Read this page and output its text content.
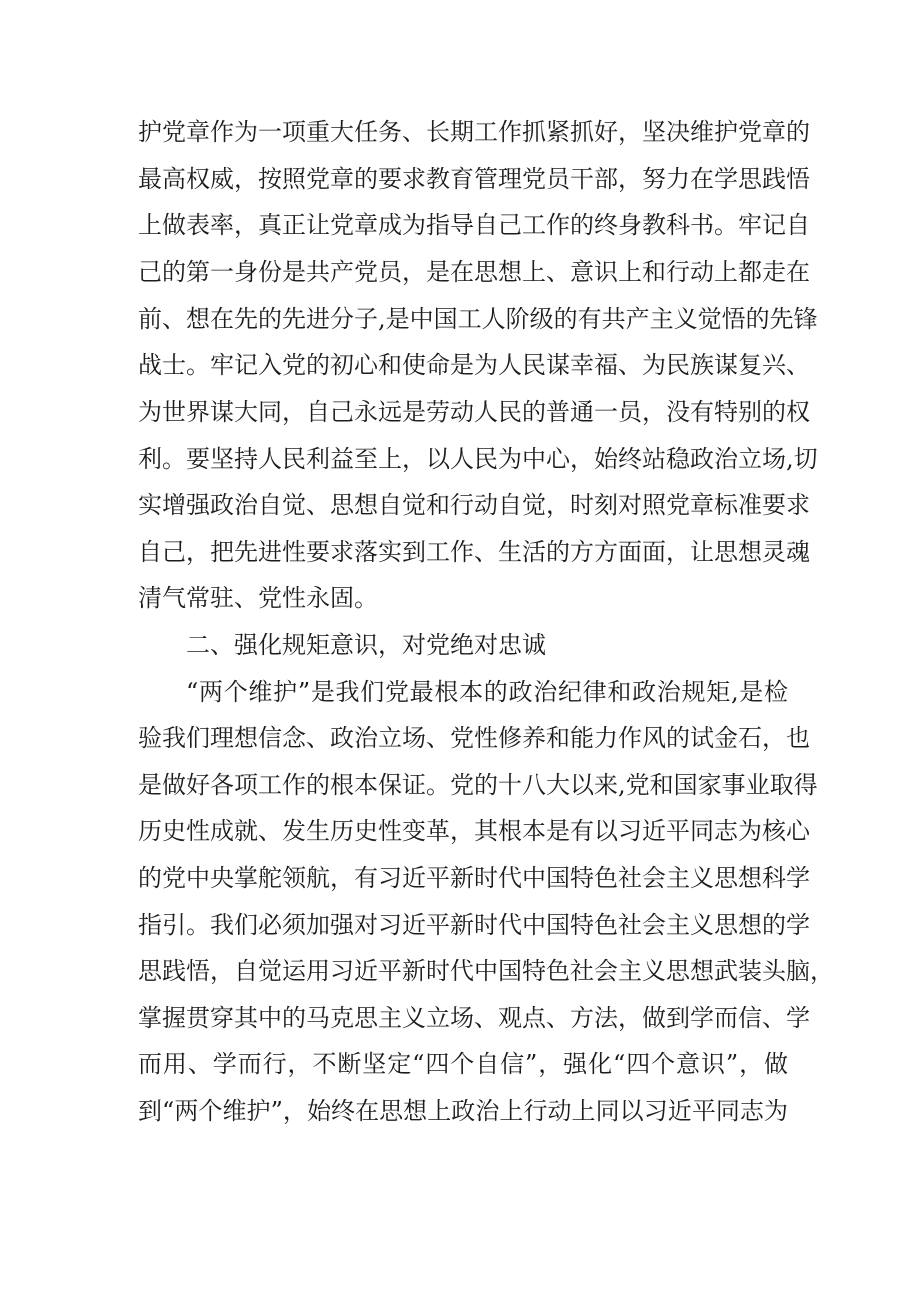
护党章作为一项重大任务、长期工作抓紧抓好，坚决维护党章的

最高权威，按照党章的要求教育管理党员干部，努力在学思践悟

上做表率，真正让党章成为指导自己工作的终身教科书。牢记自

己的第一身份是共产党员，是在思想上、意识上和行动上都走在

前、想在先的先进分子,是中国工人阶级的有共产主义觉悟的先锋

战士。牢记入党的初心和使命是为人民谋幸福、为民族谋复兴、

为世界谋大同，自己永远是劳动人民的普通一员，没有特别的权

利。要坚持人民利益至上，以人民为中心，始终站稳政治立场,切

实增强政治自觉、思想自觉和行动自觉，时刻对照党章标准要求

自己，把先进性要求落实到工作、生活的方方面面，让思想灵魂

清气常驻、党性永固。

二、强化规矩意识，对党绝对忠诚

“两个维护”是我们党最根本的政治纪律和政治规矩,是检

验我们理想信念、政治立场、党性修养和能力作风的试金石，也

是做好各项工作的根本保证。党的十八大以来,党和国家事业取得

历史性成就、发生历史性变革，其根本是有以习近平同志为核心

的党中央掌舵领航，有习近平新时代中国特色社会主义思想科学

指引。我们必须加强对习近平新时代中国特色社会主义思想的学

思践悟，自觉运用习近平新时代中国特色社会主义思想武装头脑，

掌握贯穿其中的马克思主义立场、观点、方法，做到学而信、学

而用、学而行，不断坚定“四个自信”，强化“四个意识”，做

到“两个维护”，始终在思想上政治上行动上同以习近平同志为
